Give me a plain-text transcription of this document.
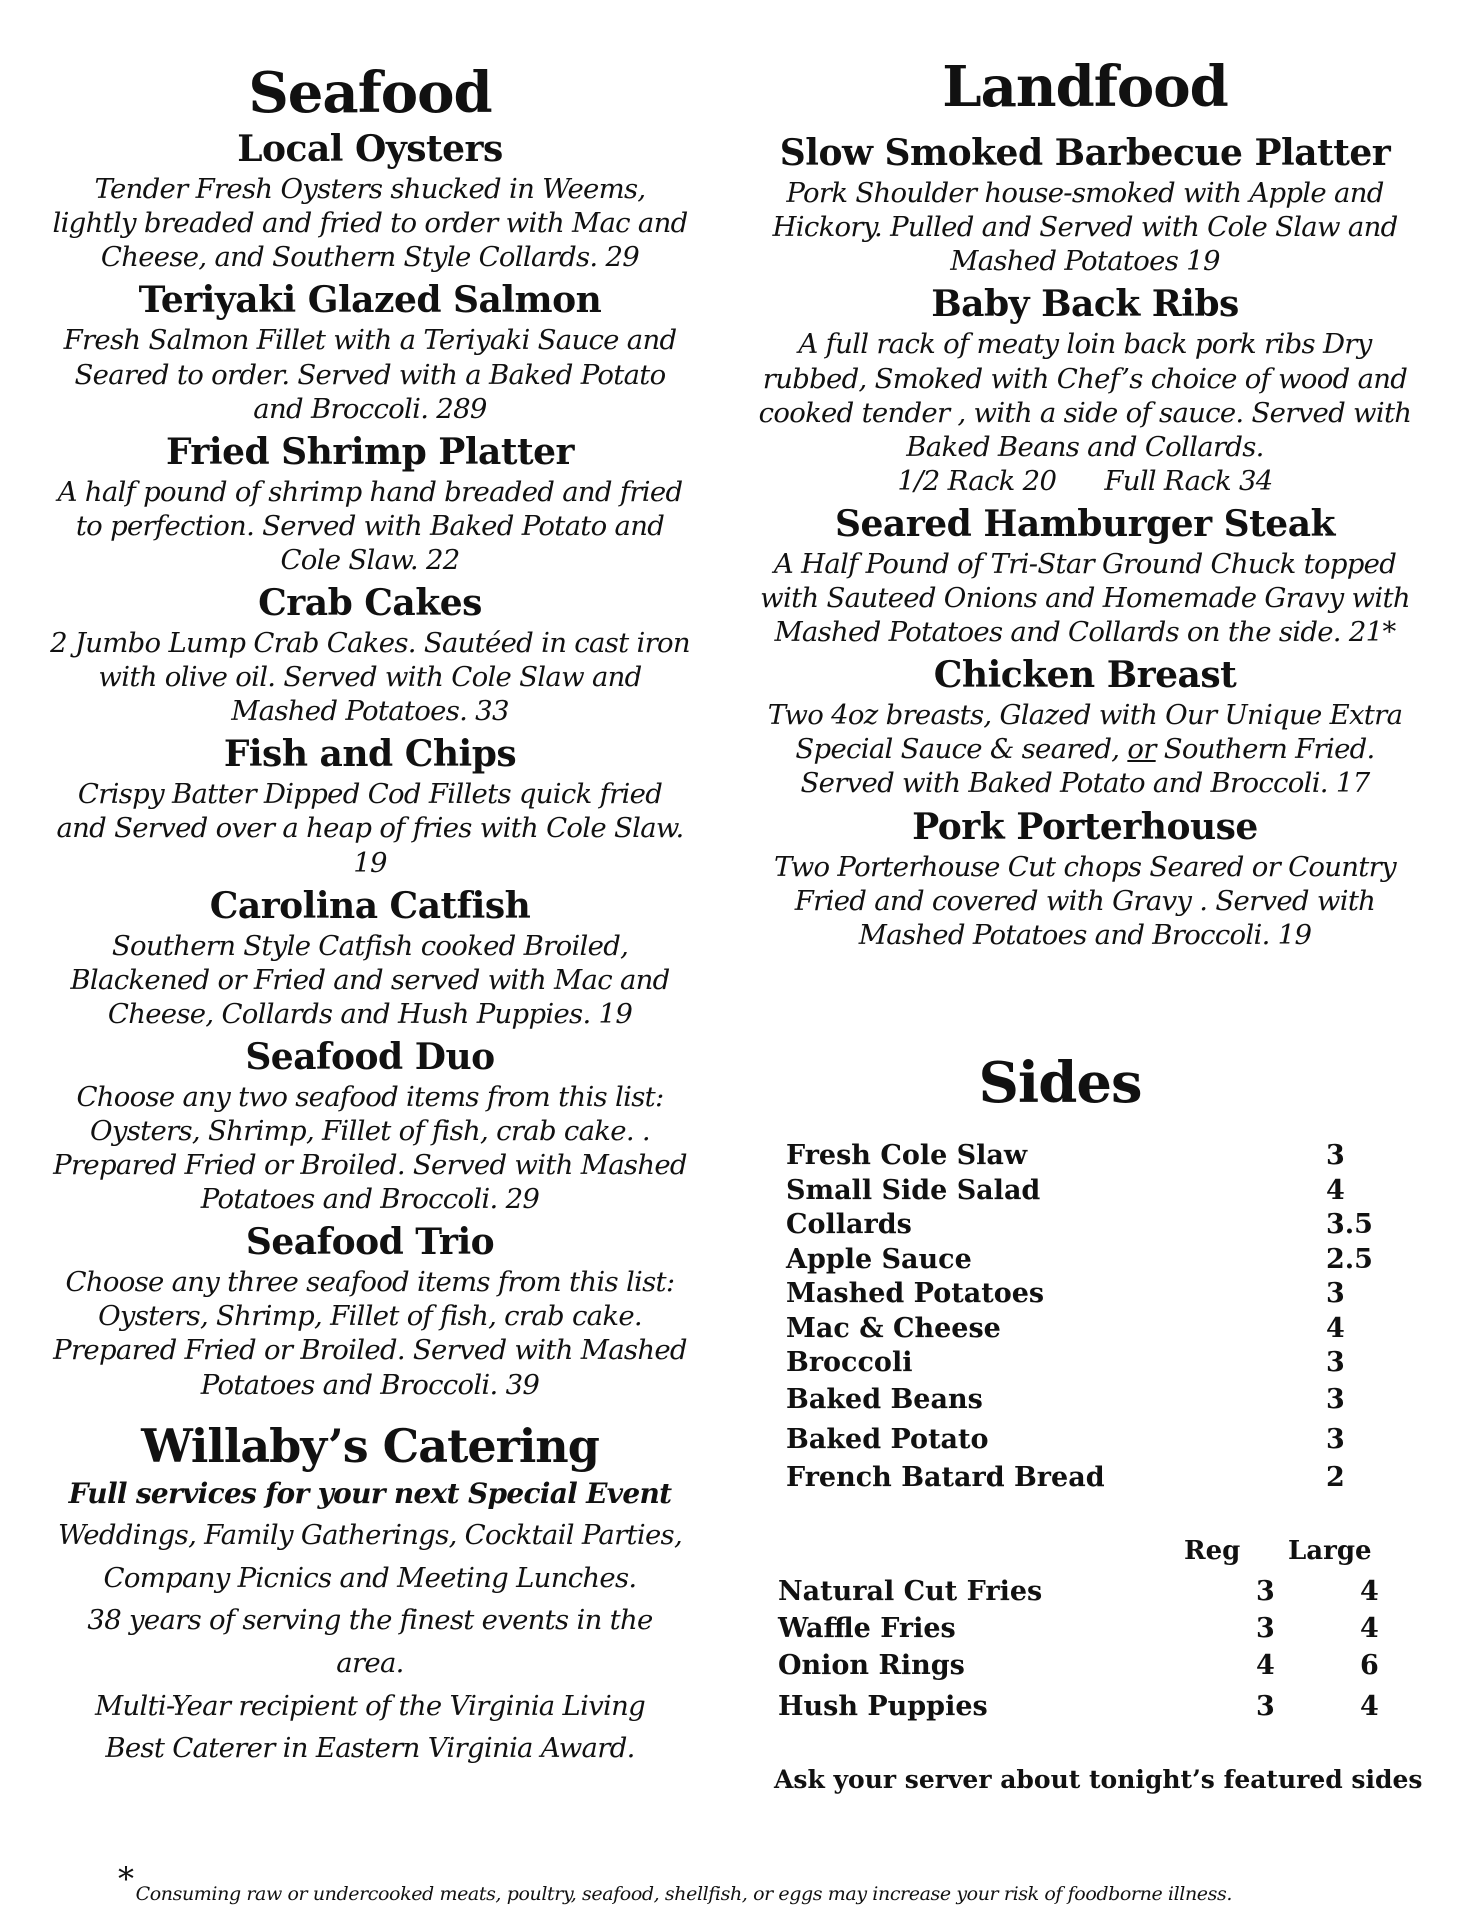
Seafood
Local Oysters

Tender Fresh Oysters shucked in Weems, lightly breaded and fried to order with Mac and Cheese, and Southern Style Collards. 29

Teriyaki Glazed Salmon

Fresh Salmon Fillet with a Teriyaki Sauce and Seared to order. Served with a Baked Potato and Broccoli. 289

Fried Shrimp Platter

A half pound of shrimp hand breaded and fried to perfection. Served with Baked Potato and Cole Slaw. 22

Crab Cakes

2 Jumbo Lump Crab Cakes. Sautéed in cast iron with olive oil. Served with Cole Slaw and Mashed Potatoes. 33

Fish and Chips

Crispy Batter Dipped Cod Fillets quick fried and Served over a heap of fries with Cole Slaw. 19

Carolina Catfish

Southern Style Catfish cooked Broiled, Blackened or Fried and served with Mac and Cheese, Collards and Hush Puppies. 19

Seafood Duo

Choose any two seafood items from this list: Oysters, Shrimp, Fillet of fish, crab cake. . Prepared Fried or Broiled. Served with Mashed Potatoes and Broccoli. 29

Seafood Trio

Choose any three seafood items from this list: Oysters, Shrimp, Fillet of fish, crab cake. Prepared Fried or Broiled. Served with Mashed Potatoes and Broccoli. 39

Willaby’s Catering

Full services for your next Special Event

Weddings, Family Gatherings, Cocktail Parties,

Company Picnics and Meeting Lunches.

38 years of serving the finest events in the area.

Multi-Year recipient of the Virginia Living

Best Caterer in Eastern Virginia Award.

Landfood
Slow Smoked Barbecue Platter

Pork Shoulder house-smoked with Apple and Hickory. Pulled and Served with Cole Slaw and Mashed Potatoes 19

Baby Back Ribs

A full rack of meaty loin back pork ribs Dry rubbed, Smoked with Chef’s choice of wood and cooked tender , with a side of sauce. Served with Baked Beans and Collards.

1/2 Rack 20 Full Rack 34

Seared Hamburger Steak

A Half Pound of Tri-Star Ground Chuck topped with Sauteed Onions and Homemade Gravy with Mashed Potatoes and Collards on the side. 21*

Chicken Breast

Two 4oz breasts, Glazed with Our Unique Extra Special Sauce & seared, or Southern Fried. Served with Baked Potato and Broccoli. 17

Pork Porterhouse

Two Porterhouse Cut chops Seared or Country Fried and covered with Gravy . Served with Mashed Potatoes and Broccoli. 19

Sides
Fresh Cole Slaw	3
Small Side Salad	4
Collards	3.5
Apple Sauce	2.5
Mashed Potatoes	3
Mac & Cheese	4
Broccoli	3
Baked Beans	3
Baked Potato	3
French Batard Bread	2
Reg Large
Natural Cut Fries	3	4
Waffle Fries	3	4
Onion Rings	4	6
Hush Puppies	3	4
Ask your server about tonight’s featured sides
* Consuming raw or undercooked meats, poultry, seafood, shellfish, or eggs may increase your risk of foodborne illness.
